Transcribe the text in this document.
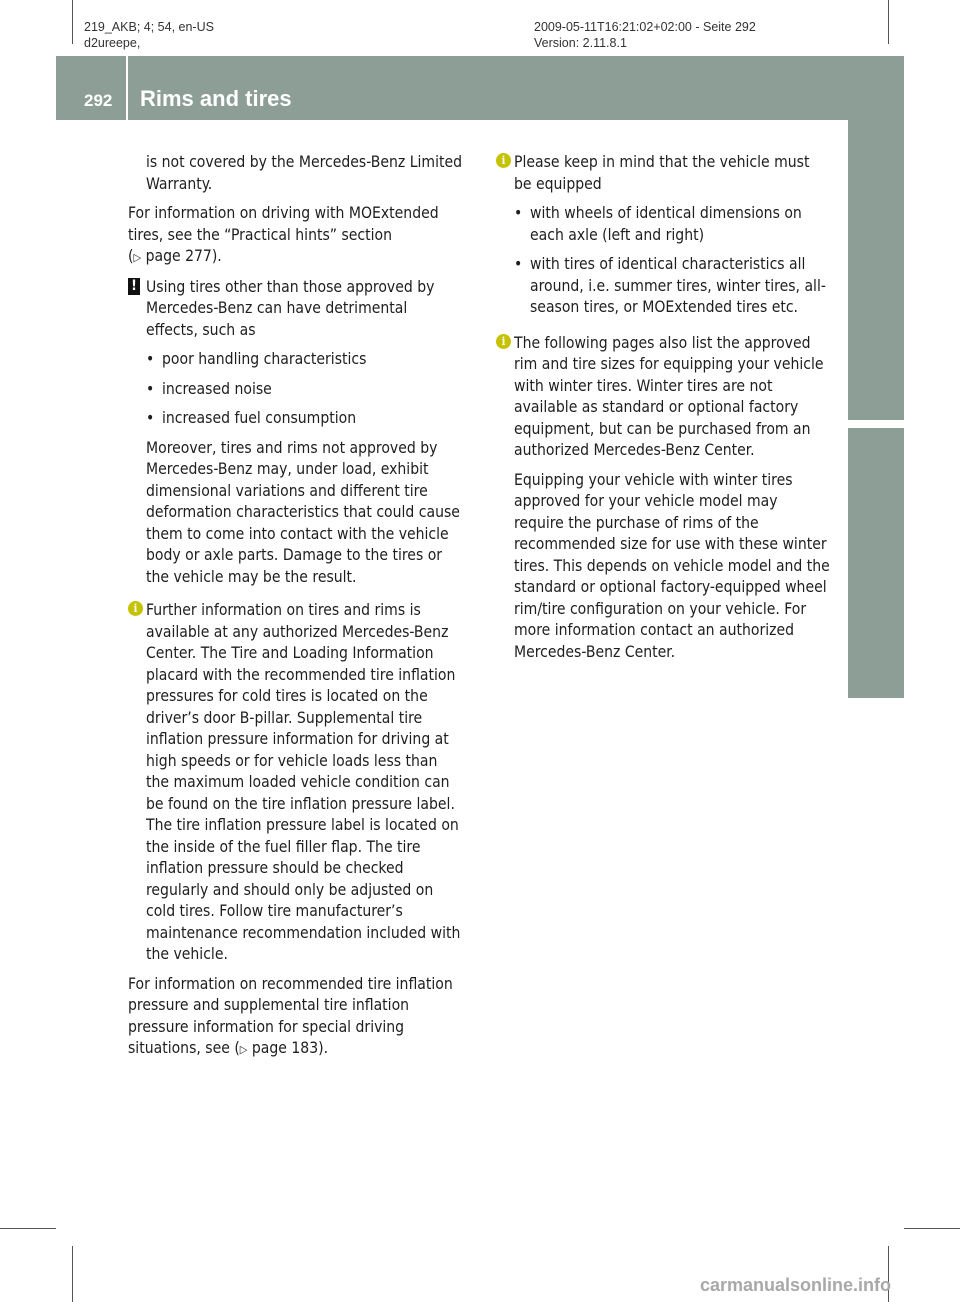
219_AKB; 4; 54, en-US
d2ureepe,
2009-05-11T16:21:02+02:00 - Seite 292
Version: 2.11.8.1
292 Rims and tires
Technical data

is not covered by the Mercedes-Benz Limited Warranty.

For information on driving with MOExtended tires, see the “Practical hints” section
(▷ page 277).

! Using tires other than those approved by Mercedes-Benz can have detrimental effects, such as

• poor handling characteristics
• increased noise
• increased fuel consumption

Moreover, tires and rims not approved by Mercedes-Benz may, under load, exhibit dimensional variations and different tire deformation characteristics that could cause them to come into contact with the vehicle body or axle parts. Damage to the tires or the vehicle may be the result.

i Further information on tires and rims is available at any authorized Mercedes-Benz Center. The Tire and Loading Information placard with the recommended tire inflation pressures for cold tires is located on the driver’s door B-pillar. Supplemental tire inflation pressure information for driving at high speeds or for vehicle loads less than the maximum loaded vehicle condition can be found on the tire inflation pressure label. The tire inflation pressure label is located on the inside of the fuel filler flap. The tire inflation pressure should be checked regularly and should only be adjusted on cold tires. Follow tire manufacturer’s maintenance recommendation included with the vehicle.

For information on recommended tire inflation pressure and supplemental tire inflation pressure information for special driving situations, see (▷ page 183).

i Please keep in mind that the vehicle must be equipped

• with wheels of identical dimensions on each axle (left and right)
• with tires of identical characteristics all around, i.e. summer tires, winter tires, all-season tires, or MOExtended tires etc.
i The following pages also list the approved rim and tire sizes for equipping your vehicle with winter tires. Winter tires are not available as standard or optional factory equipment, but can be purchased from an authorized Mercedes-Benz Center.

Equipping your vehicle with winter tires approved for your vehicle model may require the purchase of rims of the recommended size for use with these winter tires. This depends on vehicle model and the standard or optional factory-equipped wheel rim/tire configuration on your vehicle. For more information contact an authorized Mercedes-Benz Center.

carmanualsonline.info
